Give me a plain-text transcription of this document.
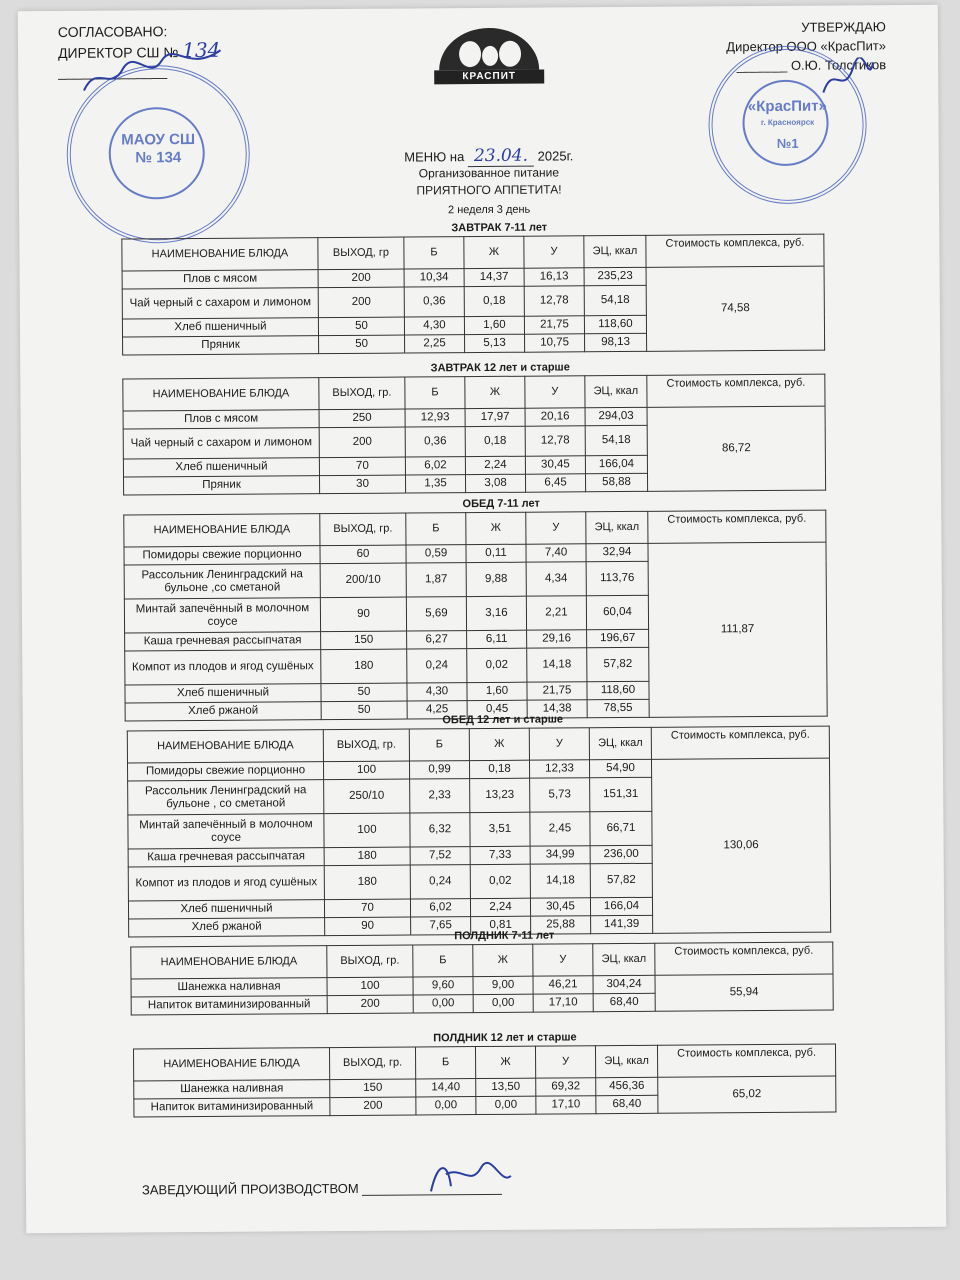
СОГЛАСОВАНО:
ДИРЕКТОР СШ № 134
______________	КРАСПИТ
УТВЕРЖДАЮ
Директор ООО «КрасПит»
_______ О.Ю. Толстиков
МАОУ СШ № 134
«КрасПит»
г. Красноярск
№1
МЕНЮ на 23.04. 2025г.
Организованное питание
ПРИЯТНОГО АППЕТИТА!
2 неделя 3 день
ЗАВТРАК 7-11 лет
НАИМЕНОВАНИЕ БЛЮДА	ВЫХОД, гр	Б	Ж	У	ЭЦ, ккал	Стоимость комплекса, руб.
Плов с мясом	200	10,34	14,37	16,13	235,23	74,58
Чай черный с сахаром и лимоном	200	0,36	0,18	12,78	54,18	
Хлеб пшеничный	50	4,30	1,60	21,75	118,60	
Пряник	50	2,25	5,13	10,75	98,13	
ЗАВТРАК 12 лет и старше
НАИМЕНОВАНИЕ БЛЮДА	ВЫХОД, гр.	Б	Ж	У	ЭЦ, ккал	Стоимость комплекса, руб.
Плов с мясом	250	12,93	17,97	20,16	294,03	86,72
Чай черный с сахаром и лимоном	200	0,36	0,18	12,78	54,18	
Хлеб пшеничный	70	6,02	2,24	30,45	166,04	
Пряник	30	1,35	3,08	6,45	58,88	
ОБЕД 7-11 лет
НАИМЕНОВАНИЕ БЛЮДА	ВЫХОД, гр.	Б	Ж	У	ЭЦ, ккал	Стоимость комплекса, руб.
Помидоры свежие порционно	60	0,59	0,11	7,40	32,94	111,87
Рассольник Ленинградский на бульоне ,со сметаной	200/10	1,87	9,88	4,34	113,76	
Минтай запечённый в молочном соусе	90	5,69	3,16	2,21	60,04	
Каша гречневая рассыпчатая	150	6,27	6,11	29,16	196,67	
Компот из плодов и ягод сушёных	180	0,24	0,02	14,18	57,82	
Хлеб пшеничный	50	4,30	1,60	21,75	118,60	
Хлеб ржаной	50	4,25	0,45	14,38	78,55	
ОБЕД 12 лет и старше
НАИМЕНОВАНИЕ БЛЮДА	ВЫХОД, гр.	Б	Ж	У	ЭЦ, ккал	Стоимость комплекса, руб.
Помидоры свежие порционно	100	0,99	0,18	12,33	54,90	130,06
Рассольник Ленинградский на бульоне , со сметаной	250/10	2,33	13,23	5,73	151,31	
Минтай запечённый в молочном соусе	100	6,32	3,51	2,45	66,71	
Каша гречневая рассыпчатая	180	7,52	7,33	34,99	236,00	
Компот из плодов и ягод сушёных	180	0,24	0,02	14,18	57,82	
Хлеб пшеничный	70	6,02	2,24	30,45	166,04	
Хлеб ржаной	90	7,65	0,81	25,88	141,39	
ПОЛДНИК 7-11 лет
НАИМЕНОВАНИЕ БЛЮДА	ВЫХОД, гр.	Б	Ж	У	ЭЦ, ккал	Стоимость комплекса, руб.
Шанежка наливная	100	9,60	9,00	46,21	304,24	55,94
Напиток витаминизированный	200	0,00	0,00	17,10	68,40	
ПОЛДНИК 12 лет и старше
НАИМЕНОВАНИЕ БЛЮДА	ВЫХОД, гр.	Б	Ж	У	ЭЦ, ккал	Стоимость комплекса, руб.
Шанежка наливная	150	14,40	13,50	69,32	456,36	65,02
Напиток витаминизированный	200	0,00	0,00	17,10	68,40	
ЗАВЕДУЮЩИЙ ПРОИЗВОДСТВОМ
